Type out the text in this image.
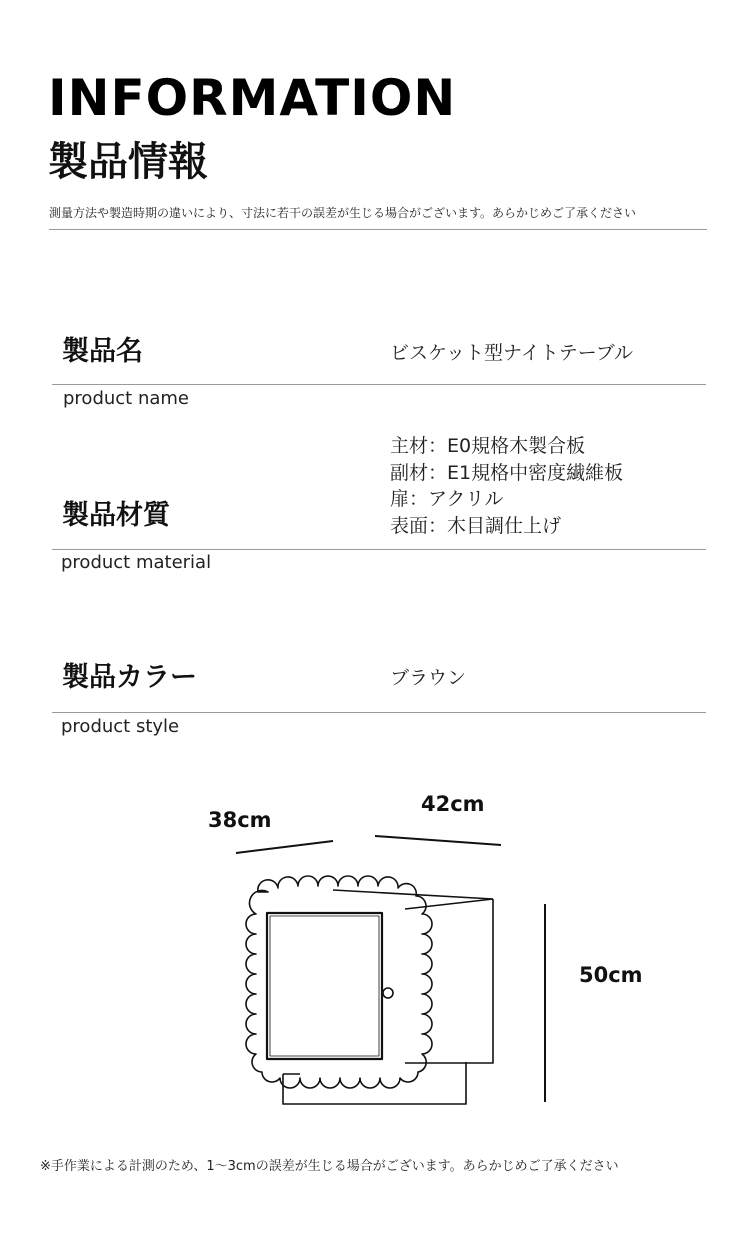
INFORMATION
製品情報
測量方法や製造時期の違いにより、寸法に若干の誤差が生じる場合がございます。あらかじめご了承ください
製品名	ビスケット型ナイトテーブル
product name
主材：E0規格木製合板
副材：E1規格中密度繊維板
扉：アクリル
表面：木目調仕上げ
製品材質
product material
製品カラー	ブラウン
product style
38cm
42cm
50cm
※手作業による計測のため、1〜3cmの誤差が生じる場合がございます。あらかじめご了承ください
